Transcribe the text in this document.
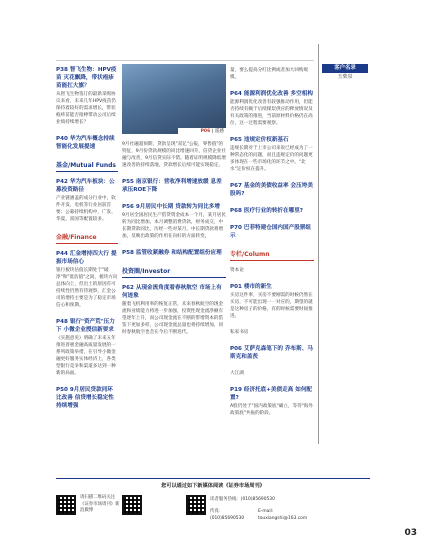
P38 智飞生物：HPV疫苗 灭花飘降，带状疱疹苗能扛大旗？
从智飞生物签订的最新采购协议来看，未来几年HPV疫苗仍保持着较好的需求增长，带状疱疹苗能否接棒带动公司后续业绩持续增长？
P40 华为汽车概念持续 智能化发展提速
基金/Mutual Funds
P42 华为汽车板块：公募投资路径
产业链涵盖的成分行业中，软件开发、电机等行业居前首要；公募持续机构中，广发、华夏、富国等配置较多。
金融/Finance
P44 汇金增持四大行 提振市场信心
银行板块估值长期处于"破净"和"低估值"之间，板块方向总体向上，但出土的原因有可持续性仍然有待观察，汇金公司的增持主要是为了稳定市场信心和预期。
P48 银行"资产荒"压力下 小微企业授信新要求
《实施意见》明确了未来五年推进普惠金融高质量发展的一系列政策举措，在引导小微金融更好服务实体经济上，各类型银行竞争和渠道多达到一种新的局面。
P50 9月居民贷款同环比改善 信贷增长稳定性持续增强
P06 | 遥感
9月社融超预期，贷款呈现"双亿"公报，零售值"的特征，9月份贷款规模的同比增速回升，信贷企业社融与改善，9月信贷实际不错。随着证明规模降低增速改善的持续落地，贷款增长后续可能实现稳定。
P55 南京银行：营收净利增速放缓 息差承压ROE下降
P56 9月居民中长期 贷款转为同比多增
9月居全国居民生产借贷资金成本一个月，某月居民转为同比增加，本月调整消费贷款，财务成交，中长期贷款同比，历经一些对某月，中长期贷款将增加，反映出政策的作用在向好的方面转变。
P58 监管收紧融券 和结构配置组份应理
投资圈/Investor
P62 从现金流角度看春秋航空 市场上有何迹象
随着飞机利用率的恢复正常，未来春秋航空的现金流和业绩能力将进一步加强，投资性现金流净额有望逐年上升，而公司现金流在不断的带增资本的借鉴下更加多样，公司现金流总量也将持续增加，同时春秋航空也会在今后不断迭代。
量，要么提高分红比例或者加大回购规模。
P64 能源利润优化改善 多空相构
能源利润优化改善有较强推动作用，但能否持续有赖于后续煤炭供应的释放情况及有关政策的推进，当前原材料价格仍在高位，这一过程需要观察。
P65 违规定价权新基石
违规长期对于上市公司来说已经成为了一种常态化的问题，而且违规定价的问题更多体现在一些市场化的环节之中。"北水"定价权在提升。
P67 基金的美债收益率 会压垮美股吗?
P68 医疗行业的转折在哪里?
P70 巴菲特建仓国内国产股票组示
专栏/Column
资本论
P01 楼市的新生
买房这件事，买房不要刚需的时候仍然在买房，不可能出现一一对应的，期望的就是这种房子的价格，有的时候需要时间推进。
私家书房
P06 艾萨克森笔下的 乔布斯、马斯克和盖茨
大江湖
P19 经济托底+美债走高 如何配置?
A股仍处于"国内政策底"确立，等待"海外政策底"共振的阶段。
客户名录
玉柴泉
您可以通过如下新媒体阅读《证券市场周刊》
请扫描二维码关注《证券市场周刊》新浪微博
读者服务热线：(010)85690530
传真：(010)85690530
E-mail: touxiangshi@163.com
03
